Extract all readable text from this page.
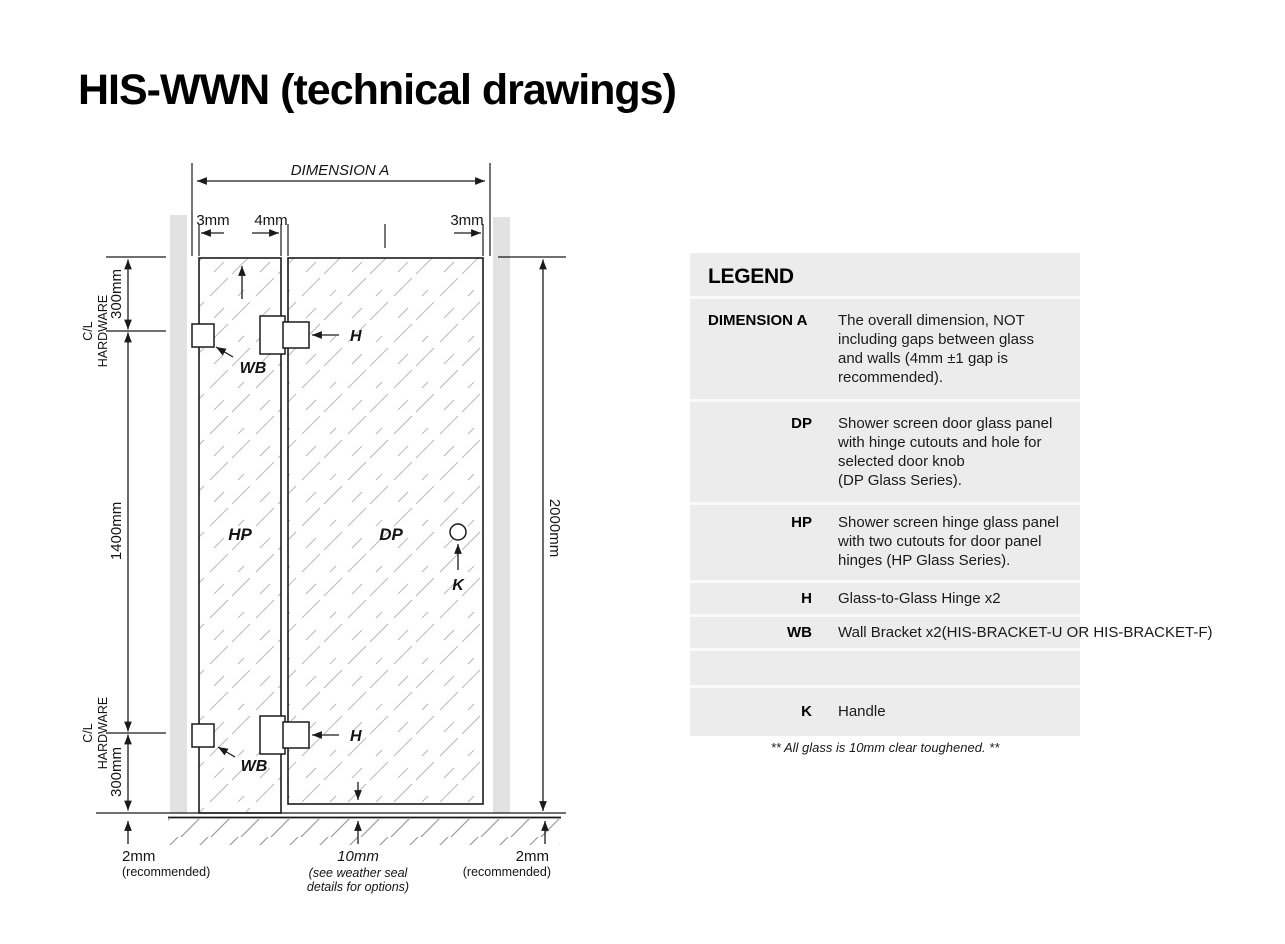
HIS-WWN (technical drawings)
DIMENSION A
3mm 4mm	3mm
300mm
1400mm
300mm
C/L HARDWARE
C/L HARDWARE
2000mm
WB
WB
H
H
HP	DP
K
2mm
(recommended)
10mm
(see weather seal
details for options)
2mm
(recommended)
LEGEND
DIMENSION A	The overall dimension, NOT
including gaps between glass
and walls (4mm ±1 gap is
recommended).
DP Shower screen door glass panel
with hinge cutouts and hole for
selected door knob
(DP Glass Series).
HP Shower screen hinge glass panel
with two cutouts for door panel
hinges (HP Glass Series).
H Glass-to-Glass Hinge x2
WB Wall Bracket x2(HIS-BRACKET-U OR HIS-BRACKET-F)
K Handle
** All glass is 10mm clear toughened. **
